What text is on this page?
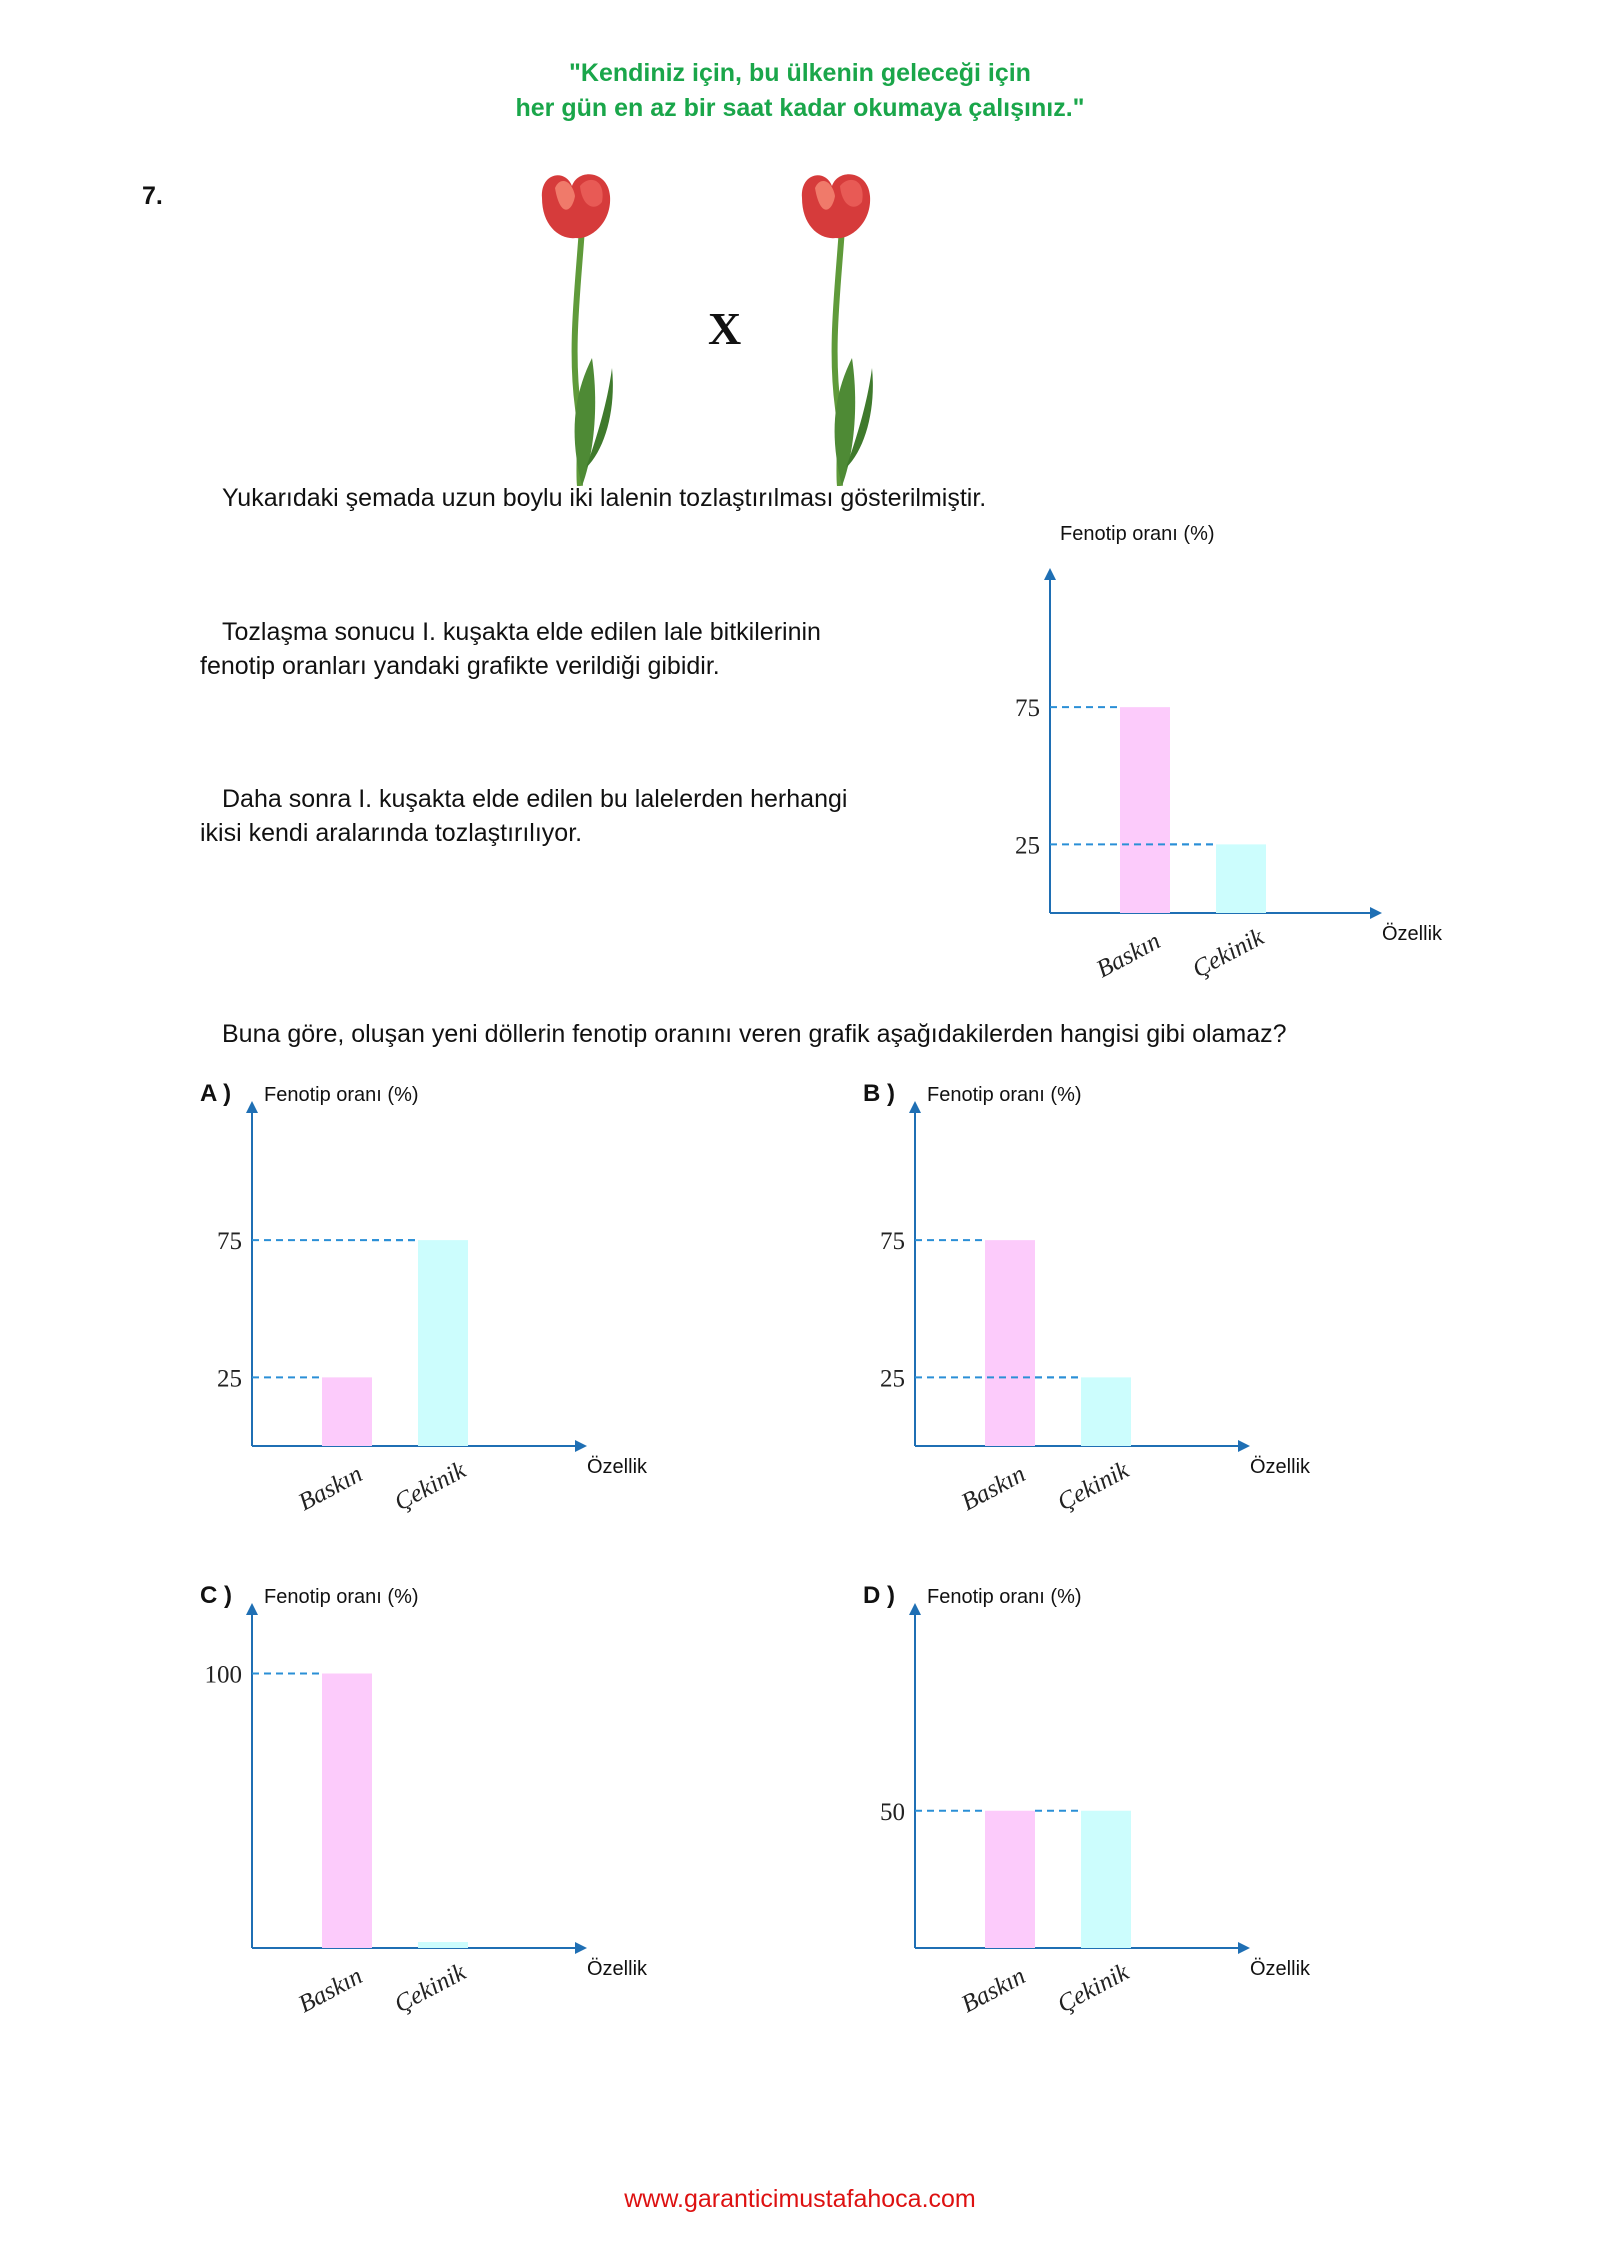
"Kendiniz için, bu ülkenin geleceği için
her gün en az bir saat kadar okumaya çalışınız."
7.
X
Yukarıdaki şemada uzun boylu iki lalenin tozlaştırılması gösterilmiştir.
Tozlaşma sonucu I. kuşakta elde edilen lale bitkilerinin
fenotip oranları yandaki grafikte verildiği gibidir.
Daha sonra I. kuşakta elde edilen bu lalelerden herhangi
ikisi kendi aralarında tozlaştırılıyor.
Buna göre, oluşan yeni döllerin fenotip oranını veren grafik aşağıdakilerden hangisi gibi olamaz?
Fenotip oranı (%)
Özellik
75
25
Baskın Çekinik
Fenotip oranı (%)
Özellik
A )
75
25
Baskın Çekinik
Fenotip oranı (%)
Özellik
B )
75
25
Baskın Çekinik
Fenotip oranı (%)
Özellik
C )
100
Baskın Çekinik
Fenotip oranı (%)
Özellik
D )
50
Baskın Çekinik
www.garanticimustafahoca.com
